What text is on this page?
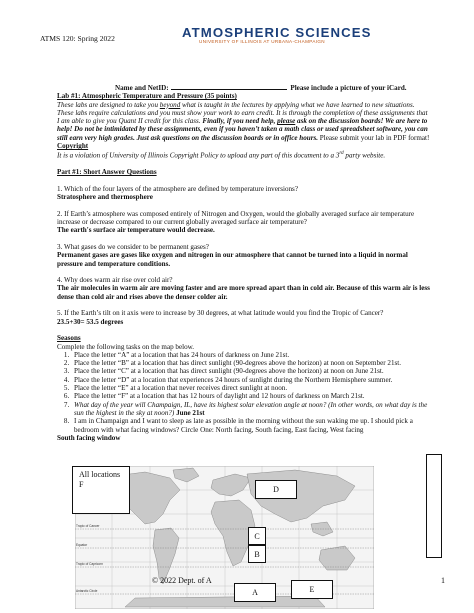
ATMS 120: Spring 2022	ATMOSPHERIC SCIENCES
UNIVERSITY OF ILLINOIS AT URBANA-CHAMPAIGN

Name and NetID:	Please include a picture of your iCard.

Lab #1: Atmospheric Temperature and Pressure (35 points)

These labs are designed to take you beyond what is taught in the lectures by applying what we have learned to new situations. These labs require calculations and you must show your work to earn credit. It is through the completion of these assignments that I am able to give you Quant II credit for this class. Finally, if you need help, please ask on the discussion boards! We are here to help! Do not be intimidated by these assignments, even if you haven’t taken a math class or used spreadsheet software, you can still earn very high grades. Just ask questions on the discussion boards or in office hours. Please submit your lab in PDF format!

Copyright

It is a violation of University of Illinois Copyright Policy to upload any part of this document to a 3rd party website.

Part #1: Short Answer Questions

1. Which of the four layers of the atmosphere are defined by temperature inversions?

Stratosphere and thermosphere

2. If Earth’s atmosphere was composed entirely of Nitrogen and Oxygen, would the globally averaged surface air temperature increase or decrease compared to our current globally averaged surface air temperature?

The earth's surface air temperature would decrease.

3. What gases do we consider to be permanent gases?

Permanent gases are gases like oxygen and nitrogen in our atmosphere that cannot be turned into a liquid in normal pressure and temperature conditions.

4. Why does warm air rise over cold air?

The air molecules in warm air are moving faster and are more spread apart than in cold air. Because of this warm air is less dense than cold air and rises above the denser colder air.

5. If the Earth’s tilt on it axis were to increase by 30 degrees, at what latitude would you find the Tropic of Cancer?

23.5+30= 53.5 degrees

Seasons

Complete the following tasks on the map below.

1. Place the letter “A” at a location that has 24 hours of darkness on June 21st.
2. Place the letter “B” at a location that has direct sunlight (90-degrees above the horizon) at noon on September 21st.
3. Place the letter “C” at a location that has direct sunlight (90-degrees above the horizon) at noon on June 21st.
4. Place the letter “D” at a location that experiences 24 hours of sunlight during the Northern Hemisphere summer.
5. Place the letter “E” at a location that never receives direct sunlight at noon.
6. Place the letter “F” at a location that has 12 hours of daylight and 12 hours of darkness on March 21st.
7. What day of the year will Champaign, IL, have its highest solar elevation angle at noon? (In other words, on what day is the sun the highest in the sky at noon?) June 21st
8. I am in Champaign and I want to sleep as late as possible in the morning without the sun waking me up. I should pick a bedroom with what facing windows? Circle One: North facing, South facing, East facing, West facing

South facing window

Tropic of Cancer
Equator
Tropic of Capricorn
Antarctic Circle
All locations F
D
C
B
A	E
© 2022 Dept. of A	1
